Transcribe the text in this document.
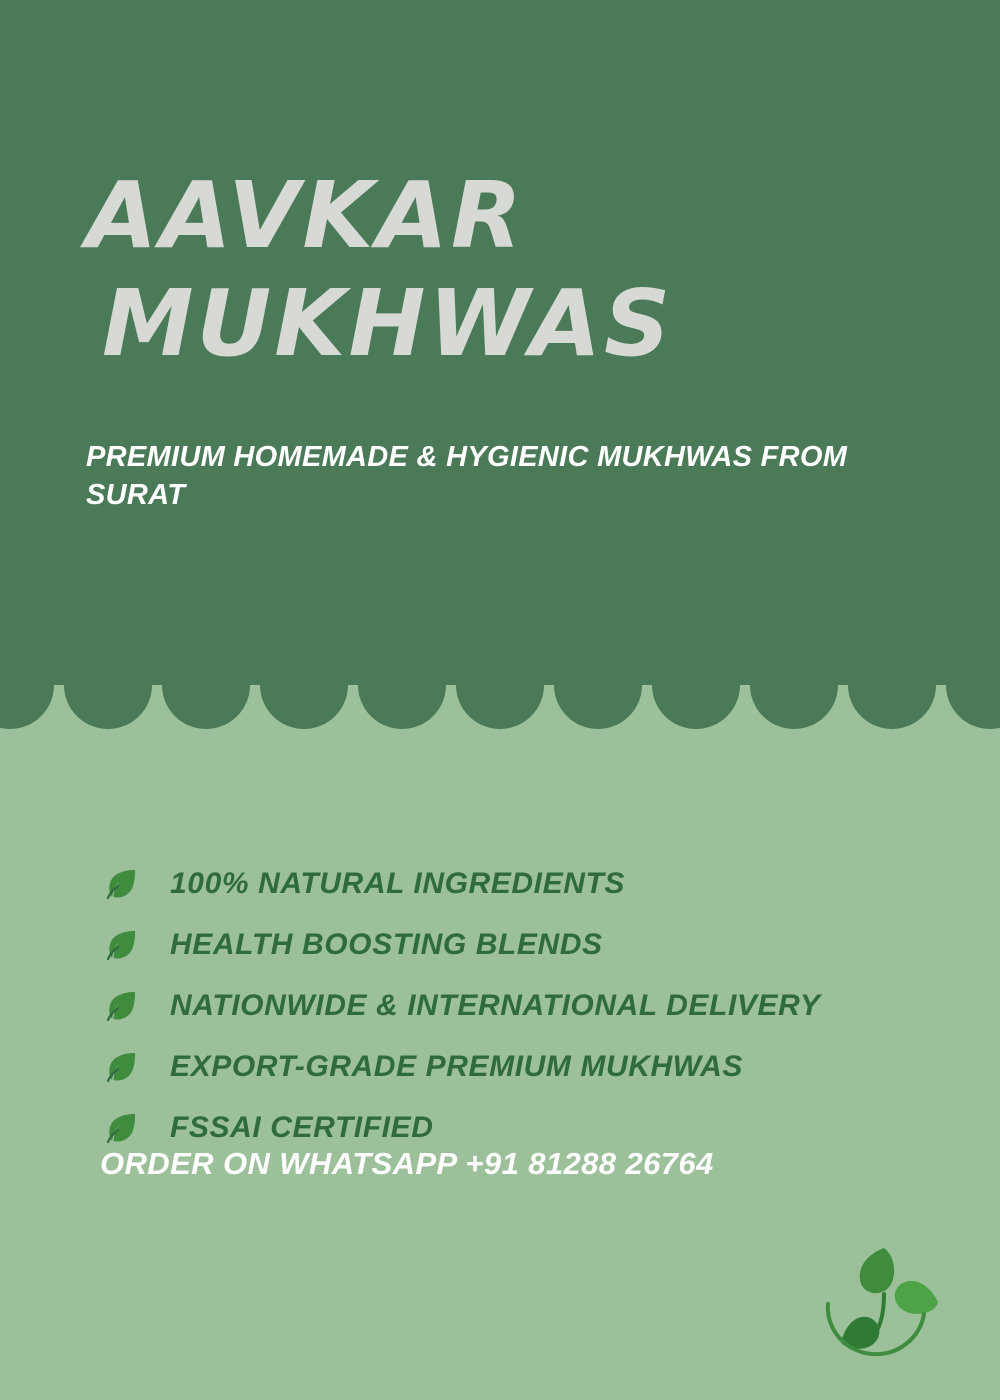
AAVKAR
MUKHWAS
PREMIUM HOMEMADE & HYGIENIC MUKHWAS FROM SURAT
100% NATURAL INGREDIENTS
HEALTH BOOSTING BLENDS
NATIONWIDE & INTERNATIONAL DELIVERY
EXPORT-GRADE PREMIUM MUKHWAS
FSSAI CERTIFIED
ORDER ON WHATSAPP +91 81288 26764
